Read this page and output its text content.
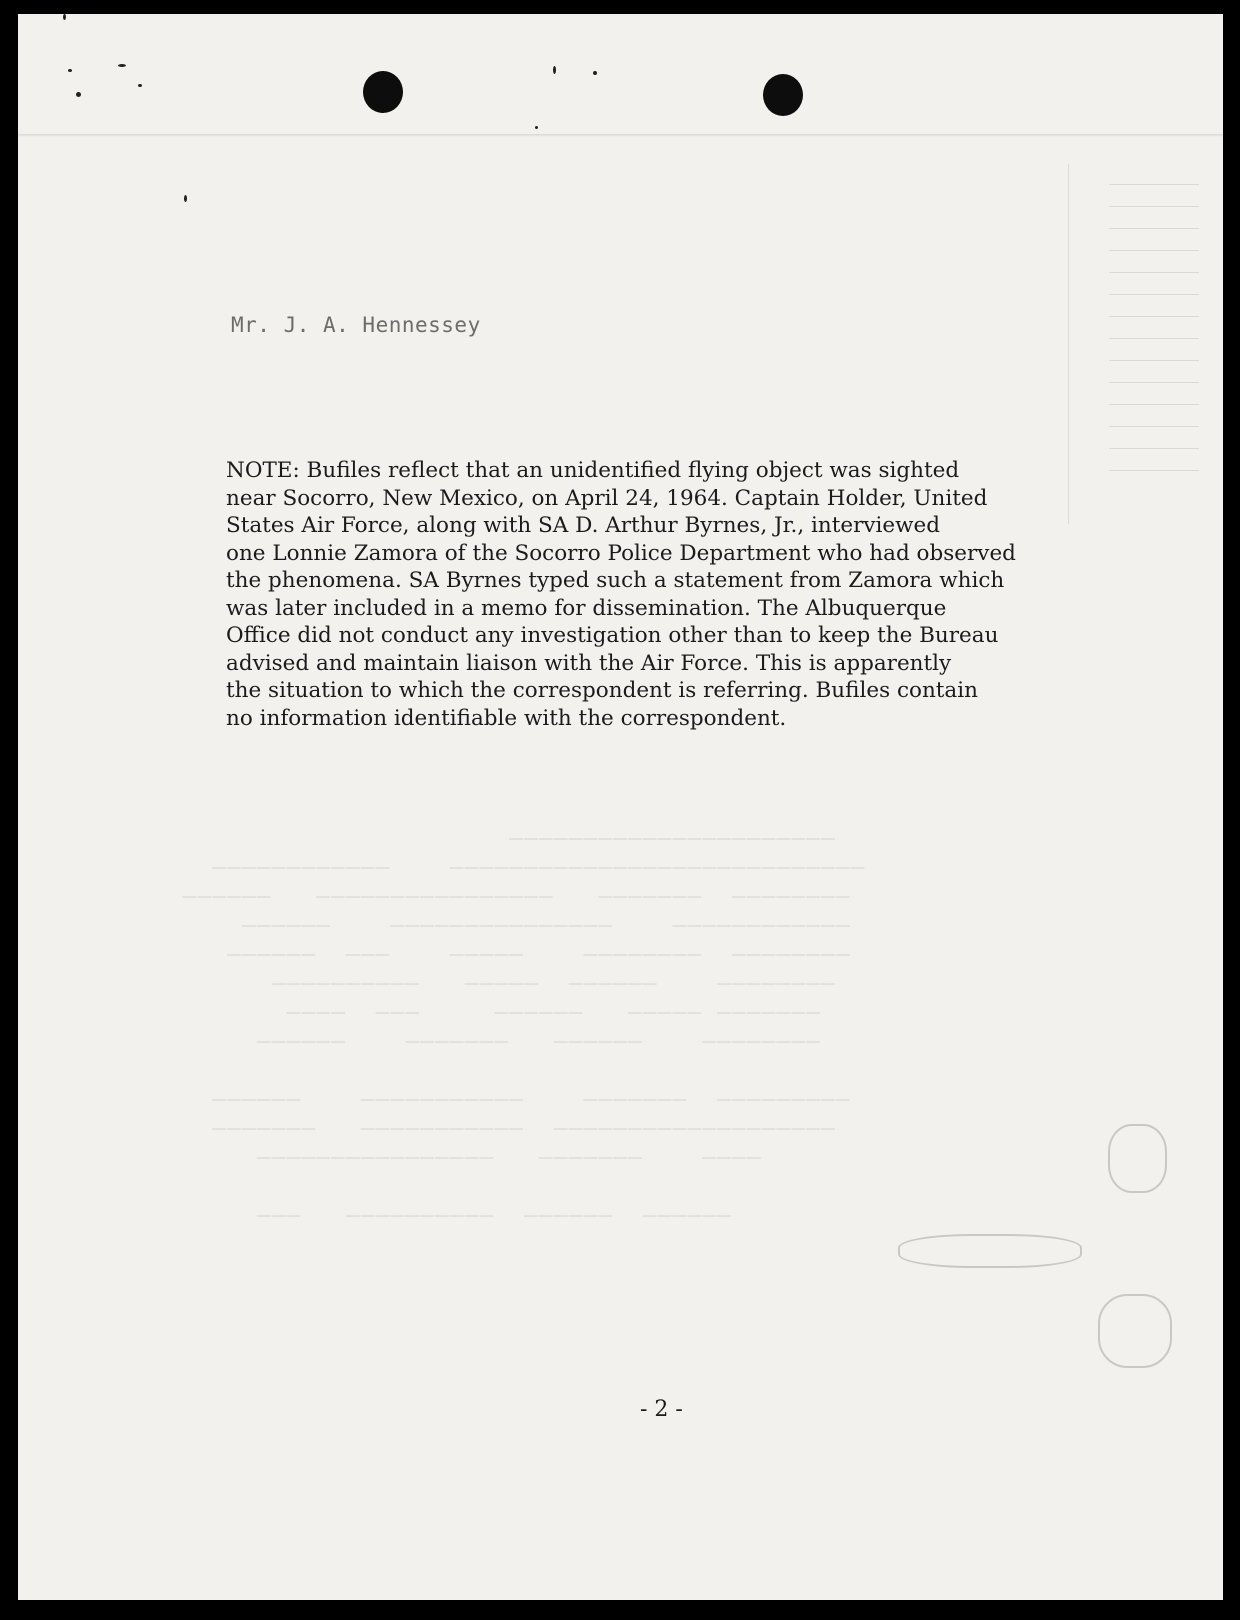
______________________
____________    ____________________________
______   ________________   _______  ________
______    _______________    ____________
______  ___    _____    ________  ________
__________   _____  ______    ________
____  ___     ______   _____ _______
______    _______   ______    ________

______    ___________    _______  _________
_______   ___________  ___________________
________________   _______    ____

___   __________  ______  ______

Mr. J. A. Hennessey
NOTE: Bufiles reflect that an unidentified flying object was sighted
near Socorro, New Mexico, on April 24, 1964. Captain Holder, United
States Air Force, along with SA D. Arthur Byrnes, Jr., interviewed
one Lonnie Zamora of the Socorro Police Department who had observed
the phenomena. SA Byrnes typed such a statement from Zamora which
was later included in a memo for dissemination. The Albuquerque
Office did not conduct any investigation other than to keep the Bureau
advised and maintain liaison with the Air Force. This is apparently
the situation to which the correspondent is referring. Bufiles contain
no information identifiable with the correspondent.
- 2 -
